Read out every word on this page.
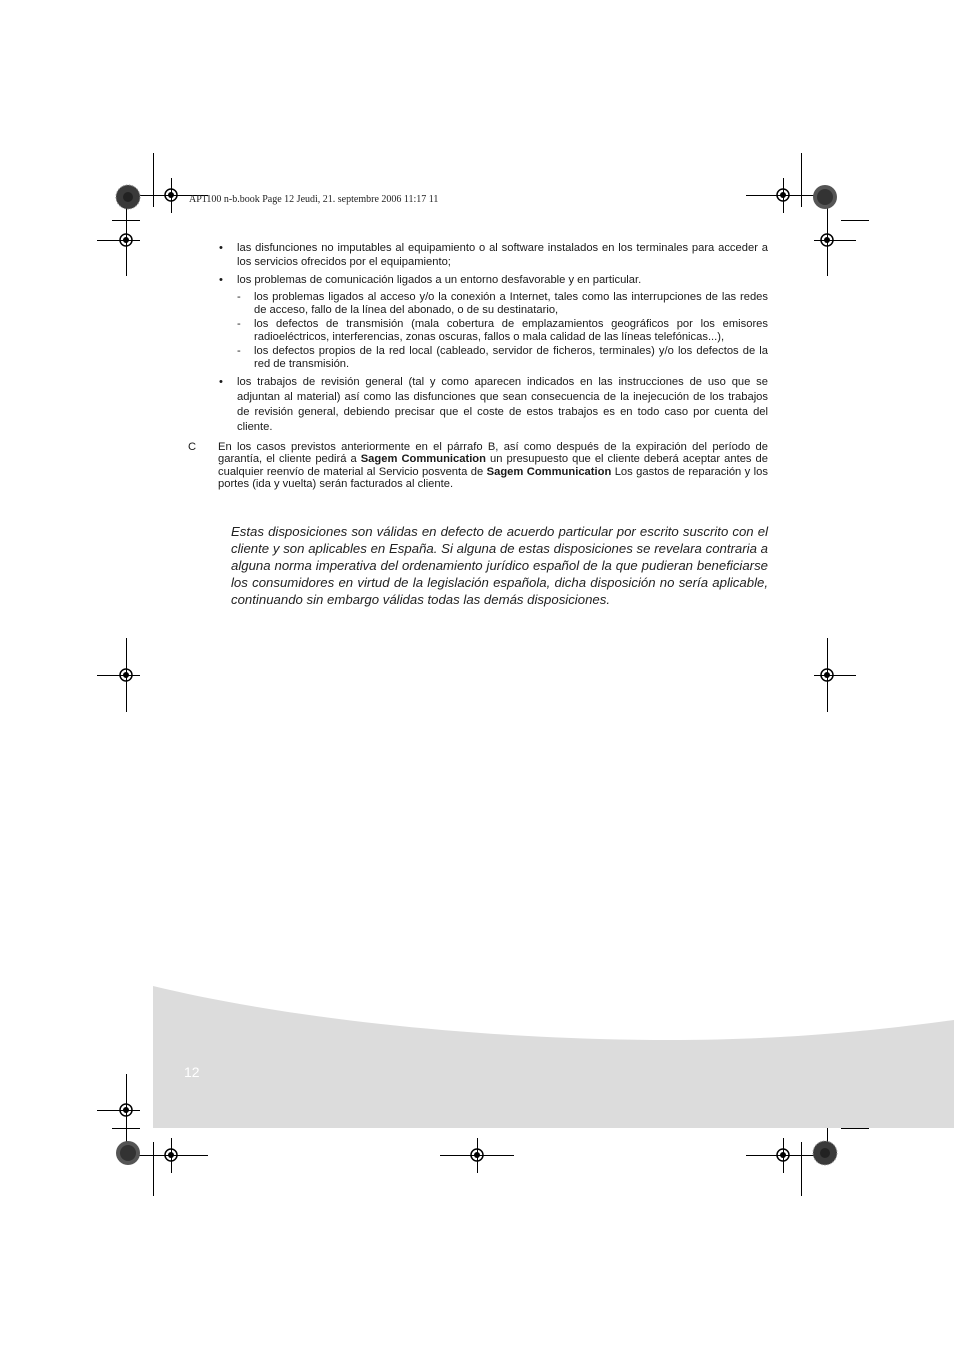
12
AP1100 n-b.book Page 12 Jeudi, 21. septembre 2006 11:17 11
• las disfunciones no imputables al equipamiento o al software instalados en los terminales para acceder a los servicios ofrecidos por el equipamiento;
• los problemas de comunicación ligados a un entorno desfavorable y en particular.
- los problemas ligados al acceso y/o la conexión a Internet, tales como las interrupciones de las redes de acceso, fallo de la línea del abonado, o de su destinatario,
- los defectos de transmisión (mala cobertura de emplazamientos geográficos por los emisores radioeléctricos, interferencias, zonas oscuras, fallos o mala calidad de las líneas telefónicas...),
- los defectos propios de la red local (cableado, servidor de ficheros, terminales) y/o los defectos de la red de transmisión.
• los trabajos de revisión general (tal y como aparecen indicados en las instrucciones de uso que se adjuntan al material) así como las disfunciones que sean consecuencia de la inejecución de los trabajos de revisión general, debiendo precisar que el coste de estos trabajos es en todo caso por cuenta del cliente.
C En los casos previstos anteriormente en el párrafo B, así como después de la expiración del período de garantía, el cliente pedirá a Sagem Communication un presupuesto que el cliente deberá aceptar antes de cualquier reenvío de material al Servicio posventa de Sagem Communication Los gastos de reparación y los portes (ida y vuelta) serán facturados al cliente.
Estas disposiciones son válidas en defecto de acuerdo particular por escrito suscrito con el cliente y son aplicables en España. Si alguna de estas disposiciones se revelara contraria a alguna norma imperativa del ordenamiento jurídico español de la que pudieran beneficiarse los consumidores en virtud de la legislación española, dicha disposición no sería aplicable, continuando sin embargo válidas todas las demás disposiciones.
